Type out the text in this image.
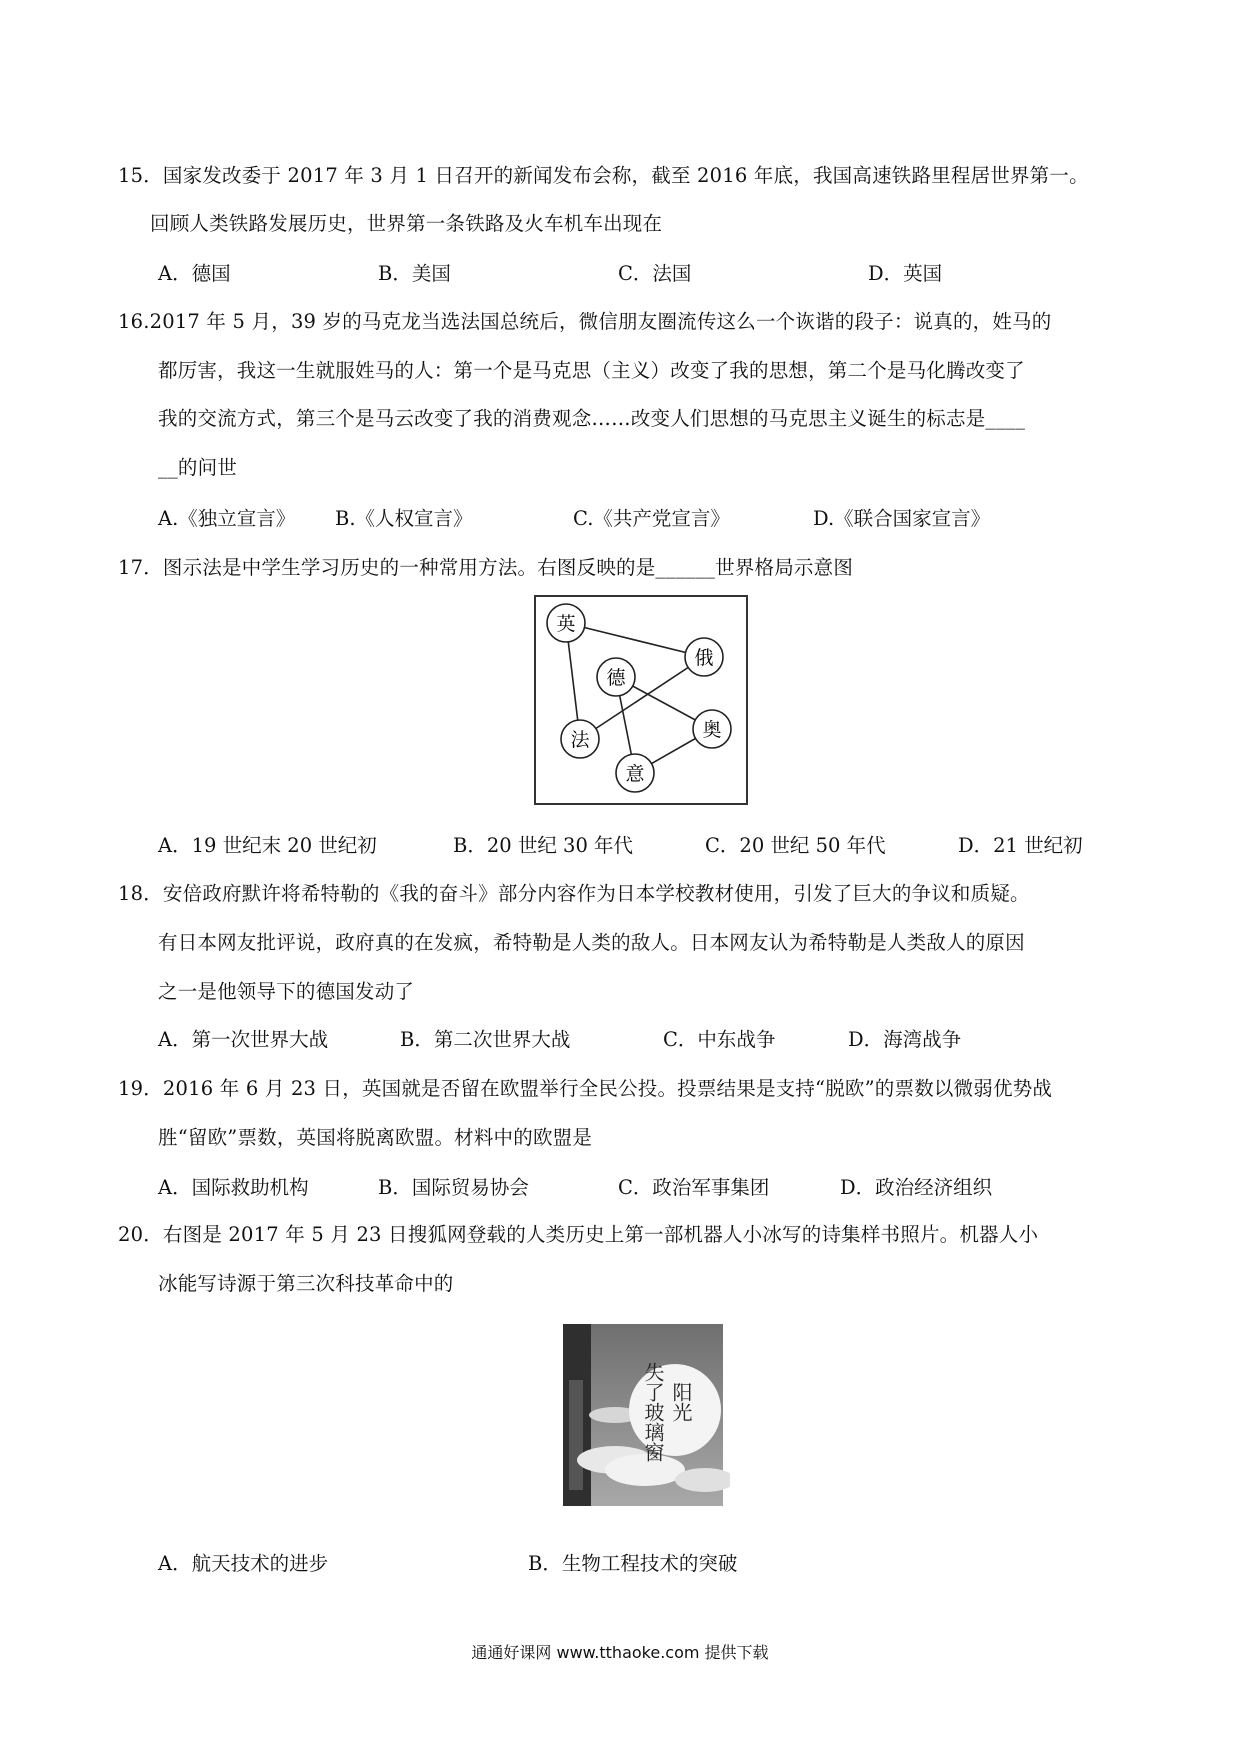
15．国家发改委于 2017 年 3 月 1 日召开的新闻发布会称，截至 2016 年底，我国高速铁路里程居世界第一。
回顾人类铁路发展历史，世界第一条铁路及火车机车出现在
A．德国	B．美国	C．法国	D．英国
16.2017 年 5 月，39 岁的马克龙当选法国总统后，微信朋友圈流传这么一个诙谐的段子：说真的，姓马的
都厉害，我这一生就服姓马的人：第一个是马克思（主义）改变了我的思想，第二个是马化腾改变了
我的交流方式，第三个是马云改变了我的消费观念……改变人们思想的马克思主义诞生的标志是____
__的问世
A.《独立宣言》 B.《人权宣言》	C.《共产党宣言》	D.《联合国家宣言》
17．图示法是中学生学习历史的一种常用方法。右图反映的是______世界格局示意图
英
俄
德
法	奥
意
A．19 世纪末 20 世纪初	B．20 世纪 30 年代	C．20 世纪 50 年代	D．21 世纪初
18．安倍政府默许将希特勒的《我的奋斗》部分内容作为日本学校教材使用，引发了巨大的争议和质疑。
有日本网友批评说，政府真的在发疯，希特勒是人类的敌人。日本网友认为希特勒是人类敌人的原因
之一是他领导下的德国发动了
A．第一次世界大战	B．第二次世界大战	C．中东战争	D．海湾战争
19．2016 年 6 月 23 日，英国就是否留在欧盟举行全民公投。投票结果是支持“脱欧”的票数以微弱优势战
胜“留欧”票数，英国将脱离欧盟。材料中的欧盟是
A．国际救助机构	B．国际贸易协会	C．政治军事集团	D．政治经济组织
20．右图是 2017 年 5 月 23 日搜狐网登载的人类历史上第一部机器人小冰写的诗集样书照片。机器人小
冰能写诗源于第三次科技革命中的
阳光
失了玻璃窗
A．航天技术的进步	B．生物工程技术的突破
通通好课网 www.tthaoke.com 提供下载
